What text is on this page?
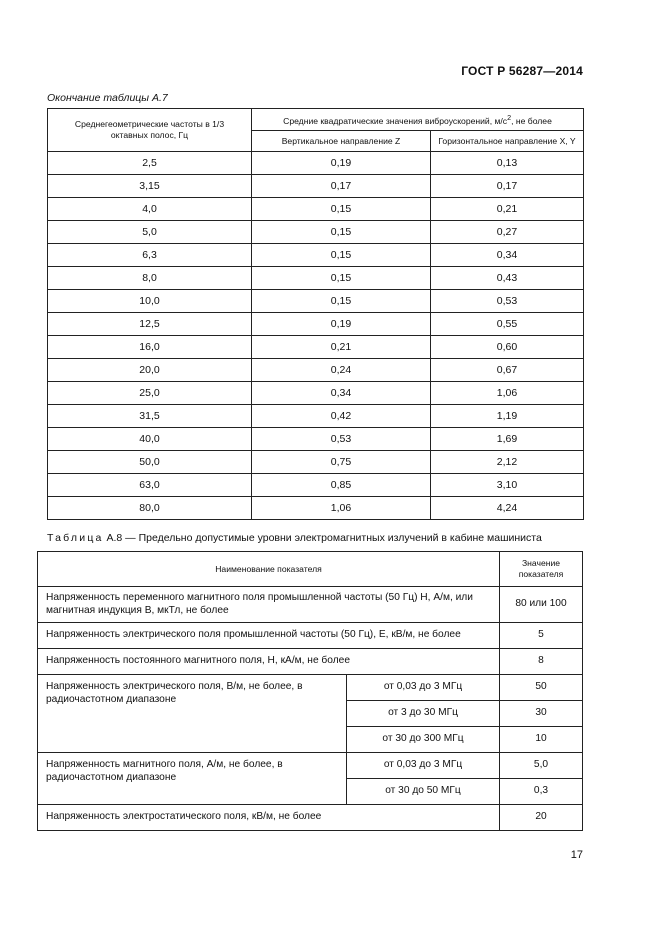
ГОСТ Р 56287—2014
Окончание таблицы А.7
Среднегеометрические частоты в 1/3 октавных полос, Гц	Средние квадратические значения виброускорений, $м/с^2$, не более	
	Вертикальное направление Z	Горизонтальное направление X, Y
2,5	0,19	0,13
3,15	0,17	0,17
4,0	0,15	0,21
5,0	0,15	0,27
6,3	0,15	0,34
8,0	0,15	0,43
10,0	0,15	0,53
12,5	0,19	0,55
16,0	0,21	0,60
20,0	0,24	0,67
25,0	0,34	1,06
31,5	0,42	1,19
40,0	0,53	1,69
50,0	0,75	2,12
63,0	0,85	3,10
80,0	1,06	4,24
Таблица А.8 — Предельно допустимые уровни электромагнитных излучений в кабине машиниста
Наименование показателя		Значение показателя
Напряженность переменного магнитного поля промышленной частоты (50 Гц) Н, А/м, или магнитная индукция В, мкТл, не более		80 или 100
Напряженность электрического поля промышленной частоты (50 Гц), Е, кВ/м, не более		5
Напряженность постоянного магнитного поля, Н, кА/м, не более		8
Напряженность электрического поля, В/м, не более, в радиочастотном диапазоне	от 0,03 до 3 МГц	50
	от 3 до 30 МГц	30
	от 30 до 300 МГц	10
Напряженность магнитного поля, А/м, не более, в радиочастотном диапазоне	от 0,03 до 3 МГц	5,0
	от 30 до 50 МГц	0,3
Напряженность электростатического поля, кВ/м, не более		20
17
